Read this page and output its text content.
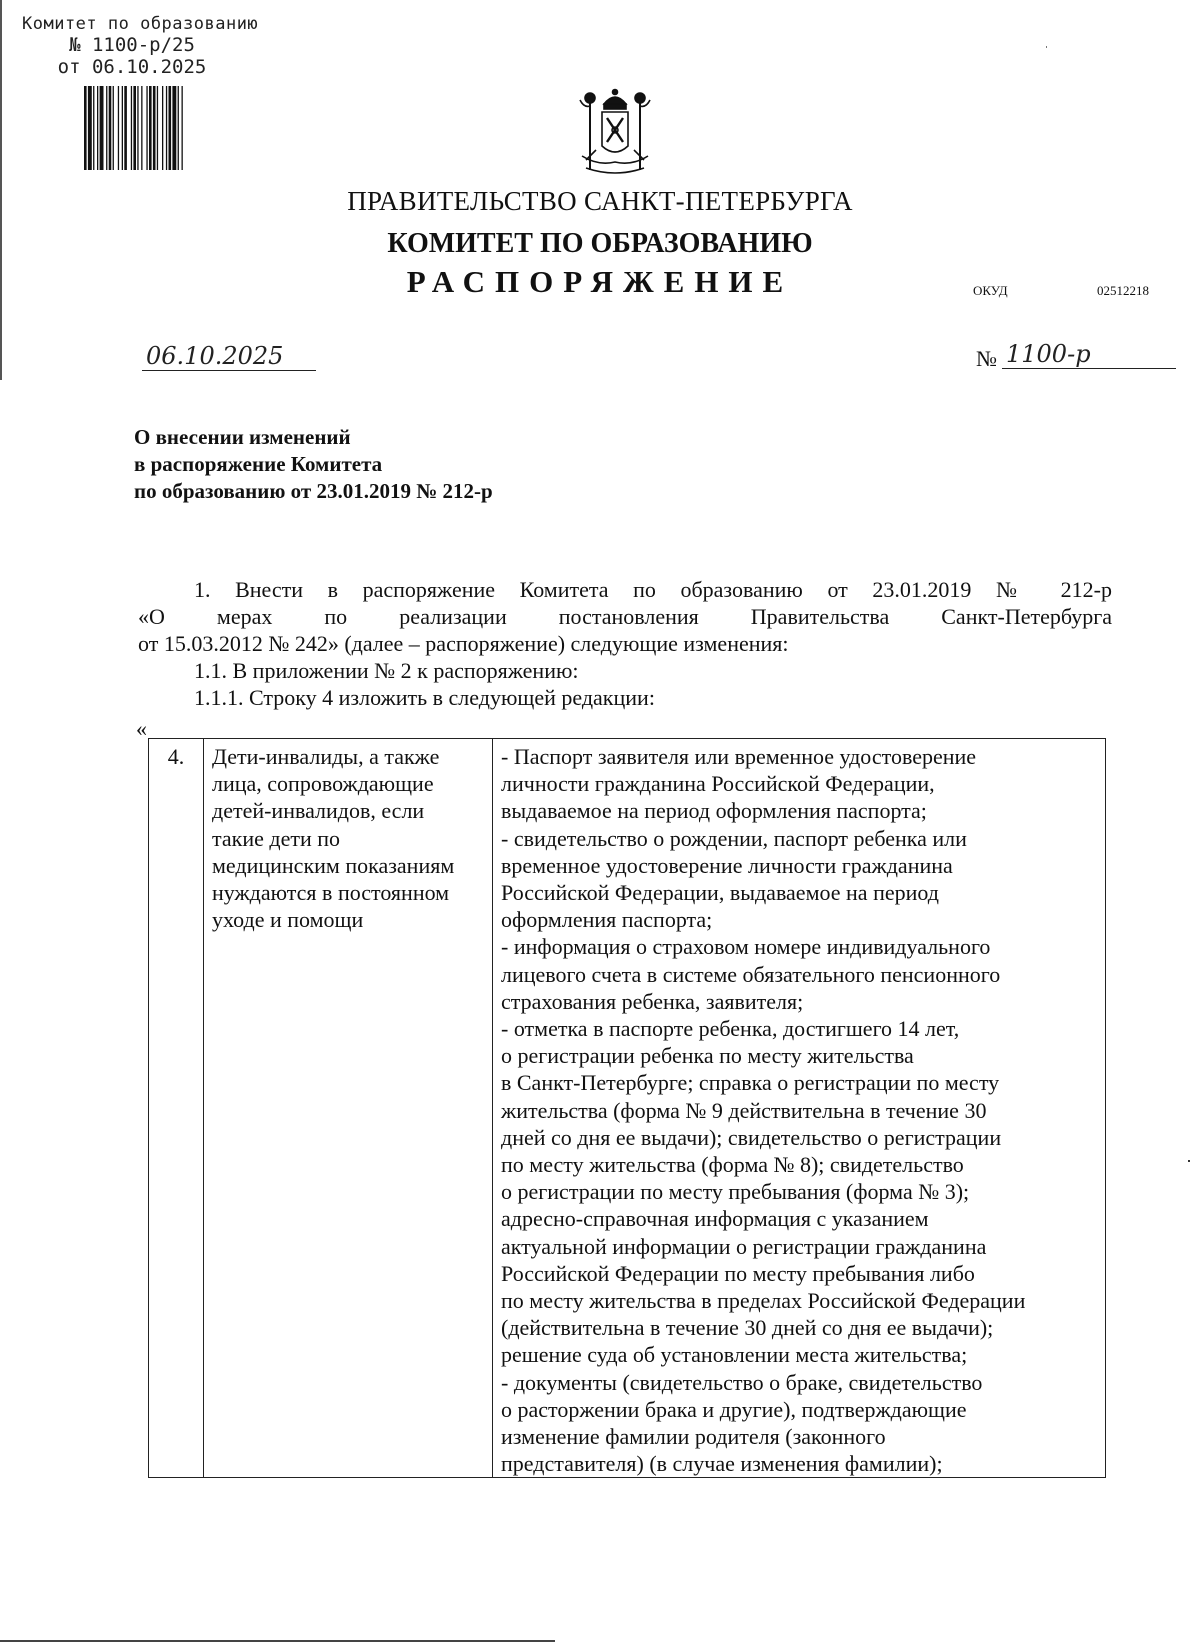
Комитет по образованию
№ 1100-р/25
от 06.10.2025
ПРАВИТЕЛЬСТВО САНКТ-ПЕТЕРБУРГА
КОМИТЕТ ПО ОБРАЗОВАНИЮ
РАСПОРЯЖЕНИЕ	ОКУД	02512218
06.10.2025	№ 1100-р
О внесении изменений
в распоряжение Комитета
по образованию от 23.01.2019 № 212-р
1. Внести в распоряжение Комитета по образованию от 23.01.2019 № 212-р
«О мерах по реализации постановления Правительства Санкт-Петербурга
от 15.03.2012 № 242» (далее – распоряжение) следующие изменения:
1.1. В приложении № 2 к распоряжению:
1.1.1. Строку 4 изложить в следующей редакции:
«
4.	Дети-инвалиды, а также
лица, сопровождающие
детей-инвалидов, если
такие дети по
медицинским показаниям
нуждаются в постоянном
уходе и помощи

- Паспорт заявителя или временное удостоверение
личности гражданина Российской Федерации,
выдаваемое на период оформления паспорта;
- свидетельство о рождении, паспорт ребенка или
временное удостоверение личности гражданина
Российской Федерации, выдаваемое на период
оформления паспорта;
- информация о страховом номере индивидуального
лицевого счета в системе обязательного пенсионного
страхования ребенка, заявителя;
- отметка в паспорте ребенка, достигшего 14 лет,
о регистрации ребенка по месту жительства
в Санкт-Петербурге; справка о регистрации по месту
жительства (форма № 9 действительна в течение 30
дней со дня ее выдачи); свидетельство о регистрации
по месту жительства (форма № 8); свидетельство
о регистрации по месту пребывания (форма № 3);
адресно-справочная информация с указанием
актуальной информации о регистрации гражданина
Российской Федерации по месту пребывания либо
по месту жительства в пределах Российской Федерации
(действительна в течение 30 дней со дня ее выдачи);
решение суда об установлении места жительства;
- документы (свидетельство о браке, свидетельство
о расторжении брака и другие), подтверждающие
изменение фамилии родителя (законного
представителя) (в случае изменения фамилии);
